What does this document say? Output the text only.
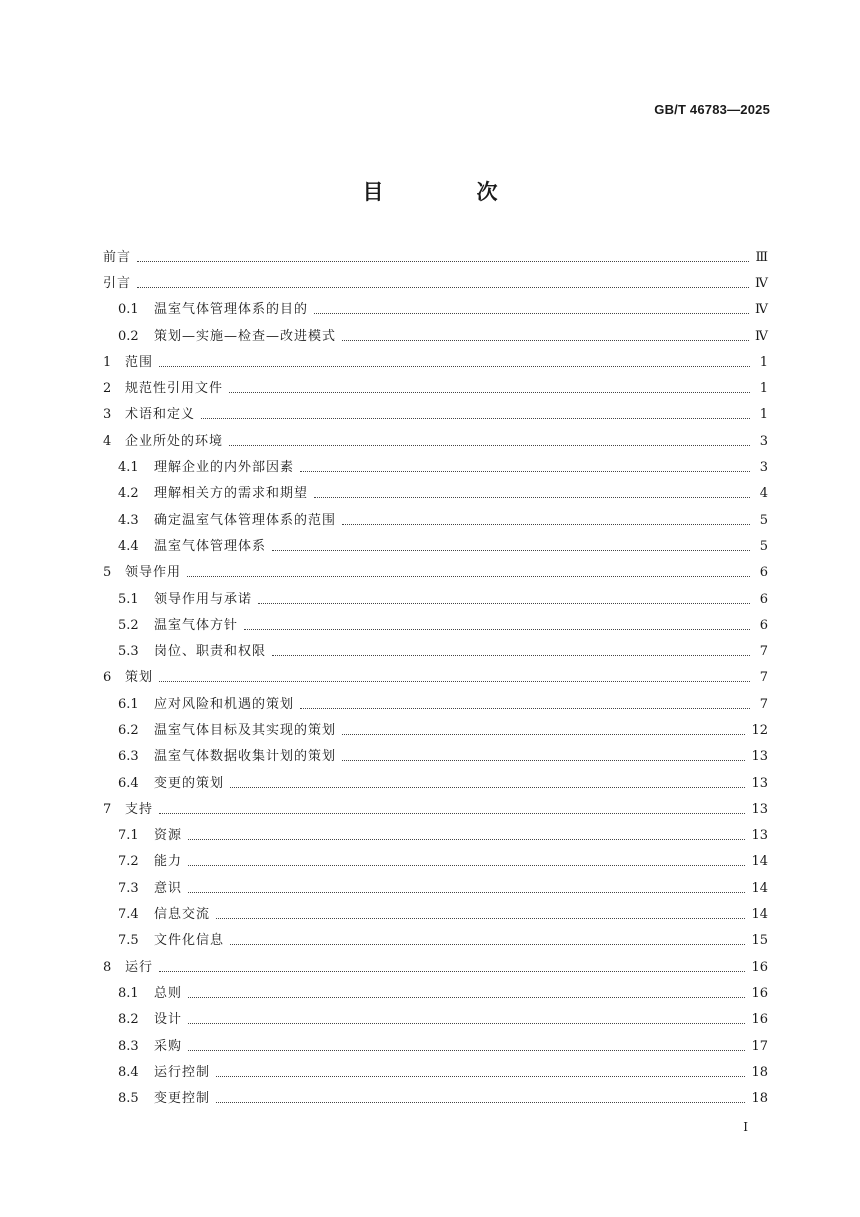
GB/T 46783—2025
目　次
前言	Ⅲ
引言	Ⅳ
0.1	温室气体管理体系的目的	Ⅳ
0.2	策划—实施—检查—改进模式	Ⅳ
1	范围	1
2	规范性引用文件	1
3	术语和定义	1
4	企业所处的环境	3
4.1	理解企业的内外部因素	3
4.2	理解相关方的需求和期望	4
4.3	确定温室气体管理体系的范围	5
4.4	温室气体管理体系	5
5	领导作用	6
5.1	领导作用与承诺	6
5.2	温室气体方针	6
5.3	岗位、职责和权限	7
6	策划	7
6.1	应对风险和机遇的策划	7
6.2	温室气体目标及其实现的策划	12
6.3	温室气体数据收集计划的策划	13
6.4	变更的策划	13
7	支持	13
7.1	资源	13
7.2	能力	14
7.3	意识	14
7.4	信息交流	14
7.5	文件化信息	15
8	运行	16
8.1	总则	16
8.2	设计	16
8.3	采购	17
8.4	运行控制	18
8.5	变更控制	18
I
